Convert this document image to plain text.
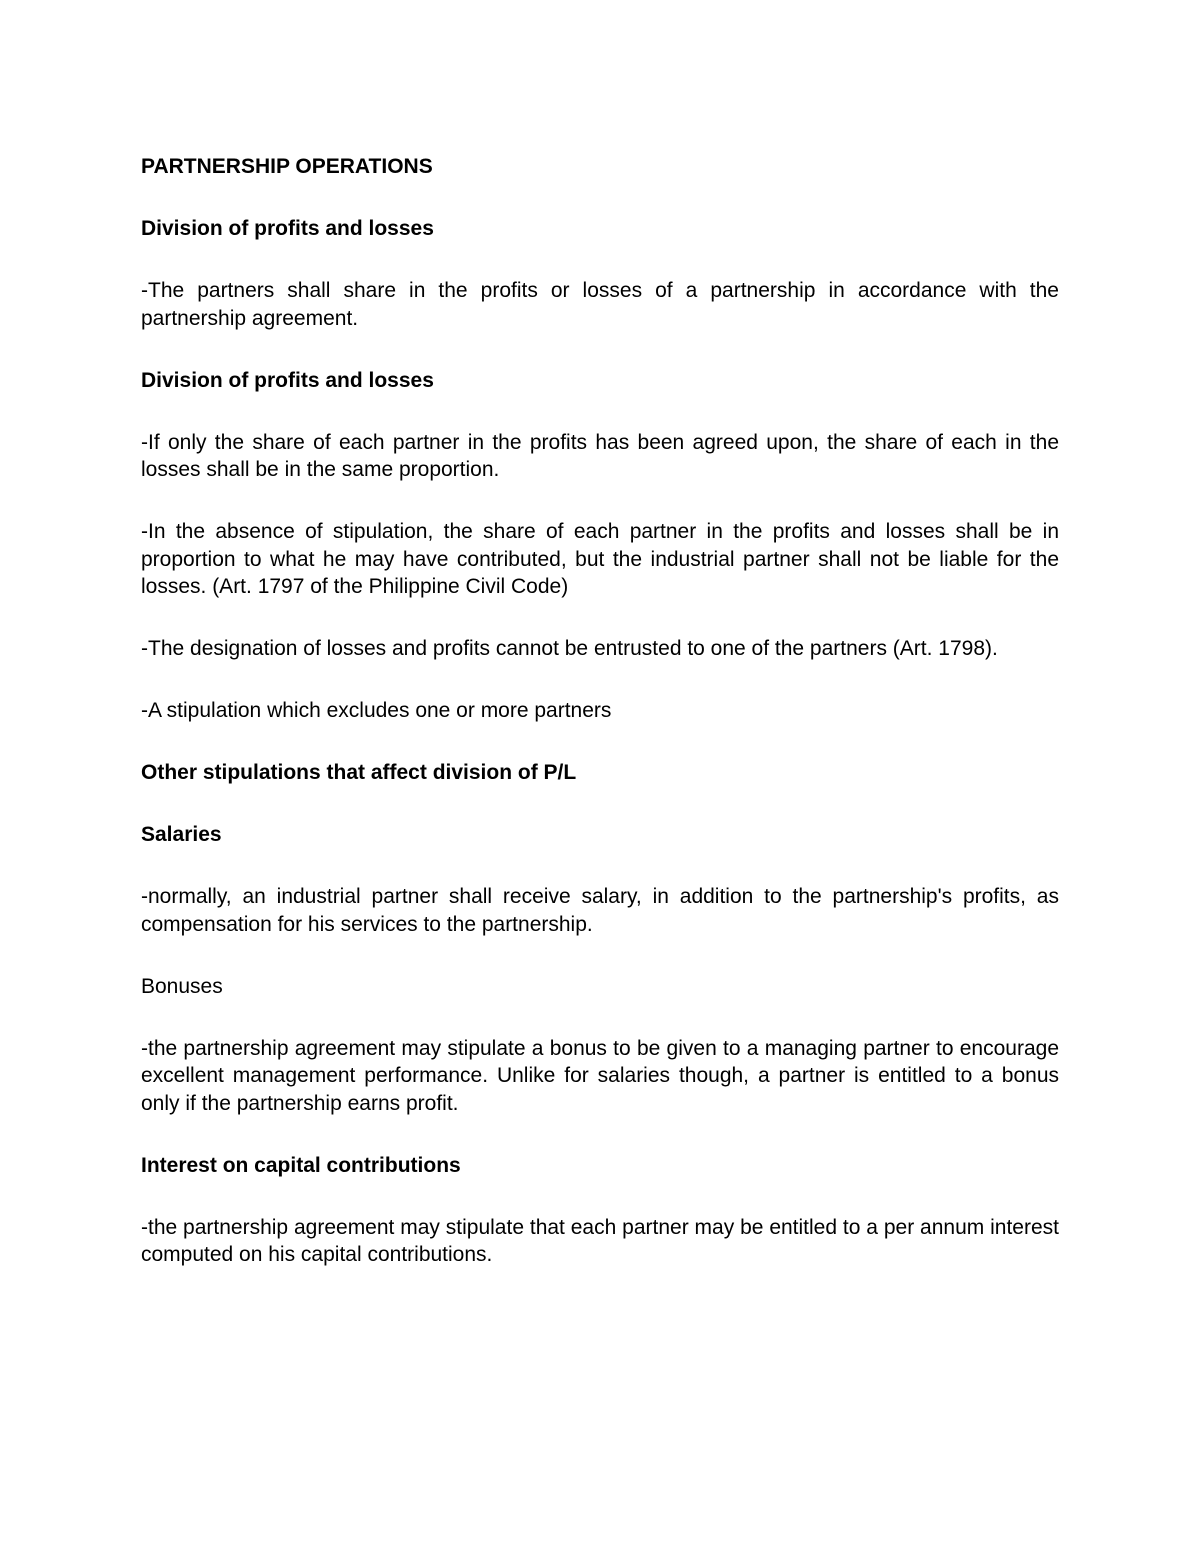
PARTNERSHIP OPERATIONS
Division of profits and losses
-The partners shall share in the profits or losses of a partnership in accordance with the partnership agreement.
Division of profits and losses
-If only the share of each partner in the profits has been agreed upon, the share of each in the losses shall be in the same proportion.
-In the absence of stipulation, the share of each partner in the profits and losses shall be in proportion to what he may have contributed, but the industrial partner shall not be liable for the losses. (Art. 1797 of the Philippine Civil Code)
-The designation of losses and profits cannot be entrusted to one of the partners (Art. 1798).
-A stipulation which excludes one or more partners
Other stipulations that affect division of P/L
Salaries
-normally, an industrial partner shall receive salary, in addition to the partnership's profits, as compensation for his services to the partnership.
Bonuses
-the partnership agreement may stipulate a bonus to be given to a managing partner to encourage excellent management performance. Unlike for salaries though, a partner is entitled to a bonus only if the partnership earns profit.
Interest on capital contributions
-the partnership agreement may stipulate that each partner may be entitled to a per annum interest computed on his capital contributions.
